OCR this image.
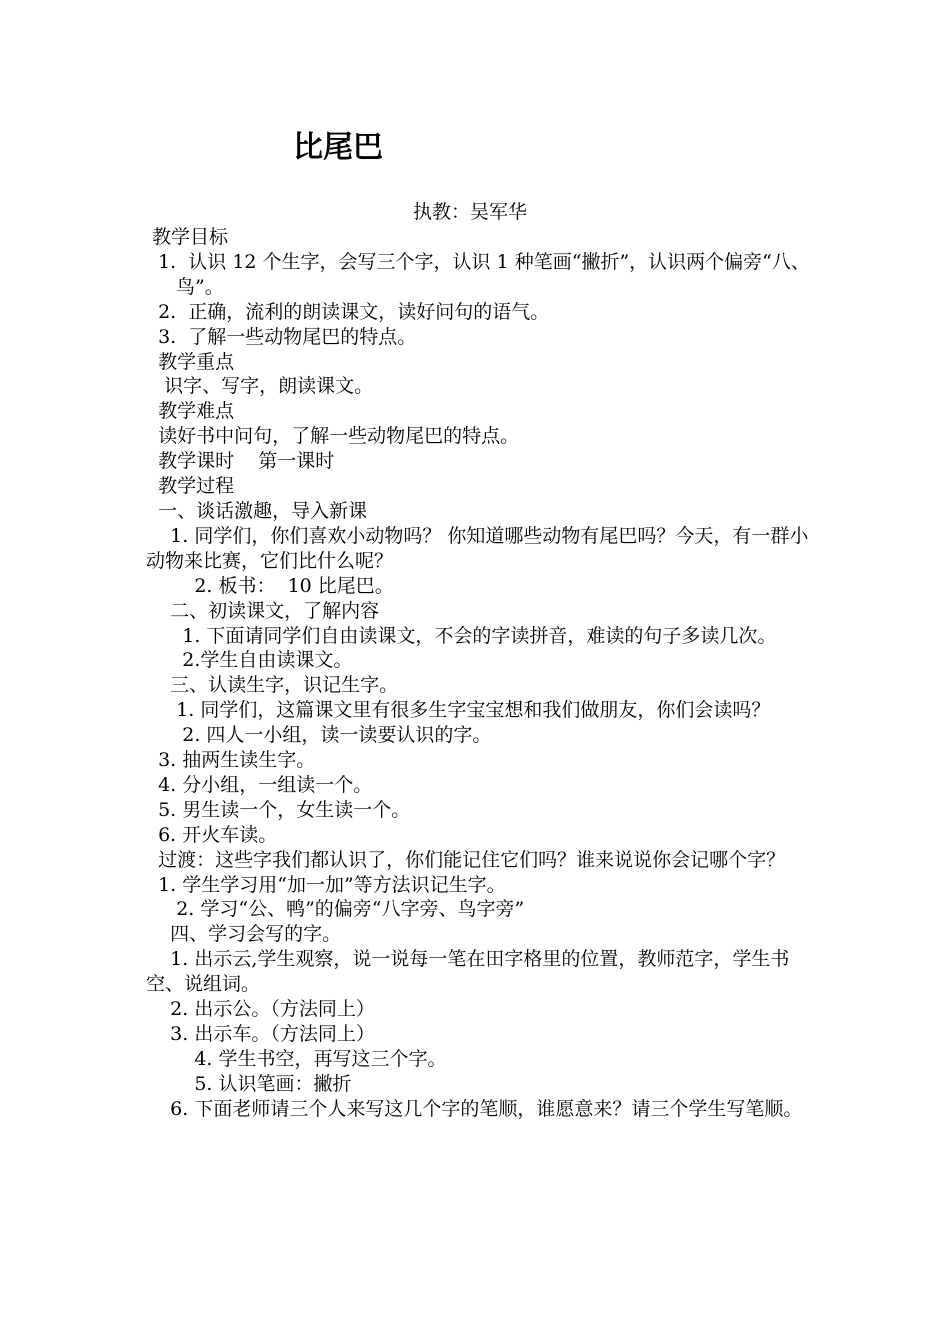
比尾巴
执教：吴军华
教学目标
1.  认识 12 个生字，会写三个字，认识 1 种笔画“撇折”，认识两个偏旁“八、鸟”。
2.  正确，流利的朗读课文，读好问句的语气。
3.  了解一些动物尾巴的特点。
教学重点
识字、写字，朗读课文。
教学难点
读好书中问句，了解一些动物尾巴的特点。
教学课时    第一课时
教学过程
一、谈话激趣，导入新课
1. 同学们，你们喜欢小动物吗？ 你知道哪些动物有尾巴吗？今天，有一群小动物来比赛，它们比什么呢？
2. 板书：  10 比尾巴。
二、初读课文，了解内容
1. 下面请同学们自由读课文，不会的字读拼音，难读的句子多读几次。
2.学生自由读课文。
三、认读生字，识记生字。
1. 同学们，这篇课文里有很多生字宝宝想和我们做朋友，你们会读吗？
2. 四人一小组，读一读要认识的字。
3. 抽两生读生字。
4. 分小组，一组读一个。
5. 男生读一个，女生读一个。
6. 开火车读。
过渡：这些字我们都认识了，你们能记住它们吗？谁来说说你会记哪个字？
1. 学生学习用“加一加”等方法识记生字。
2. 学习“公、鸭”的偏旁“八字旁、鸟字旁”
四、学习会写的字。
1. 出示云,学生观察，说一说每一笔在田字格里的位置，教师范字，学生书空、说组词。
2. 出示公。（方法同上）
3. 出示车。（方法同上）
4. 学生书空，再写这三个字。
5. 认识笔画：撇折
6. 下面老师请三个人来写这几个字的笔顺，谁愿意来？请三个学生写笔顺。
